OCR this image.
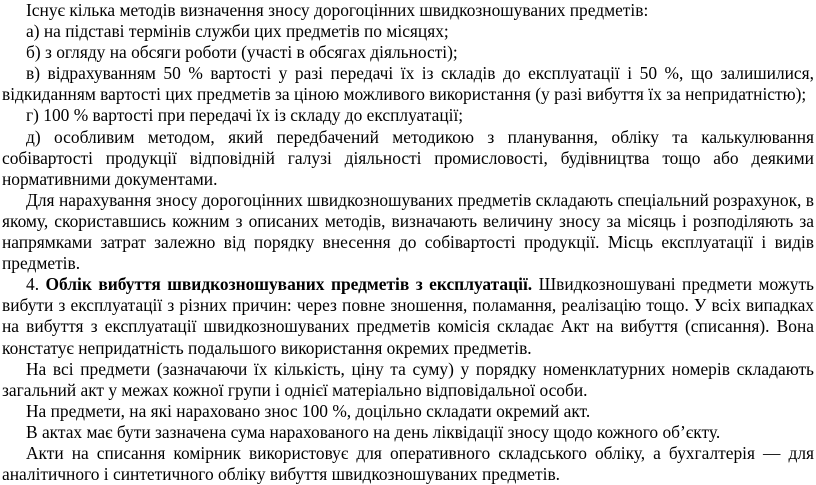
Існує кілька методів визначення зносу дорогоцінних швидкозношуваних предметів:

а) на підставі термінів служби цих предметів по місяцях;

б) з огляду на обсяги роботи (участі в обсягах діяльності);

в) відрахуванням 50 % вартості у разі передачі їх із складів до експлуатації і 50 %, що залишилися, відкиданням вартості цих предметів за ціною можливого використання (у разі вибуття їх за непридатністю);

г) 100 % вартості при передачі їх із складу до експлуатації;

д) особливим методом, який передбачений методикою з планування, обліку та калькулювання собівартості продукції відповідній галузі діяльності промисловості, будівництва тощо або деякими нормативними документами.

Для нарахування зносу дорогоцінних швидкозношуваних предметів складають спеціальний розрахунок, в якому, скориставшись кожним з описаних методів, визначають величину зносу за місяць і розподіляють за напрямками затрат залежно від порядку внесення до собівартості продукції. Місць експлуатації і видів предметів.

4. Облік вибуття швидкозношуваних предметів з експлуатації. Швидкозношувані предмети можуть вибути з експлуатації з різних причин: через повне зношення, поламання, реалізацію тощо. У всіх випадках на вибуття з експлуатації швидкозношуваних предметів комісія складає Акт на вибуття (списання). Вона констатує непридатність подальшого використання окремих предметів.

На всі предмети (зазначаючи їх кількість, ціну та суму) у порядку номенклатурних номерів складають загальний акт у межах кожної групи і однієї матеріально відповідальної особи.

На предмети, на які нараховано знос 100 %, доцільно складати окремий акт.

В актах має бути зазначена сума нарахованого на день ліквідації зносу щодо кожного об’єкту.

Акти на списання комірник використовує для оперативного складського обліку, а бухгалтерія — для аналітичного і синтетичного обліку вибуття швидкозношуваних предметів.
